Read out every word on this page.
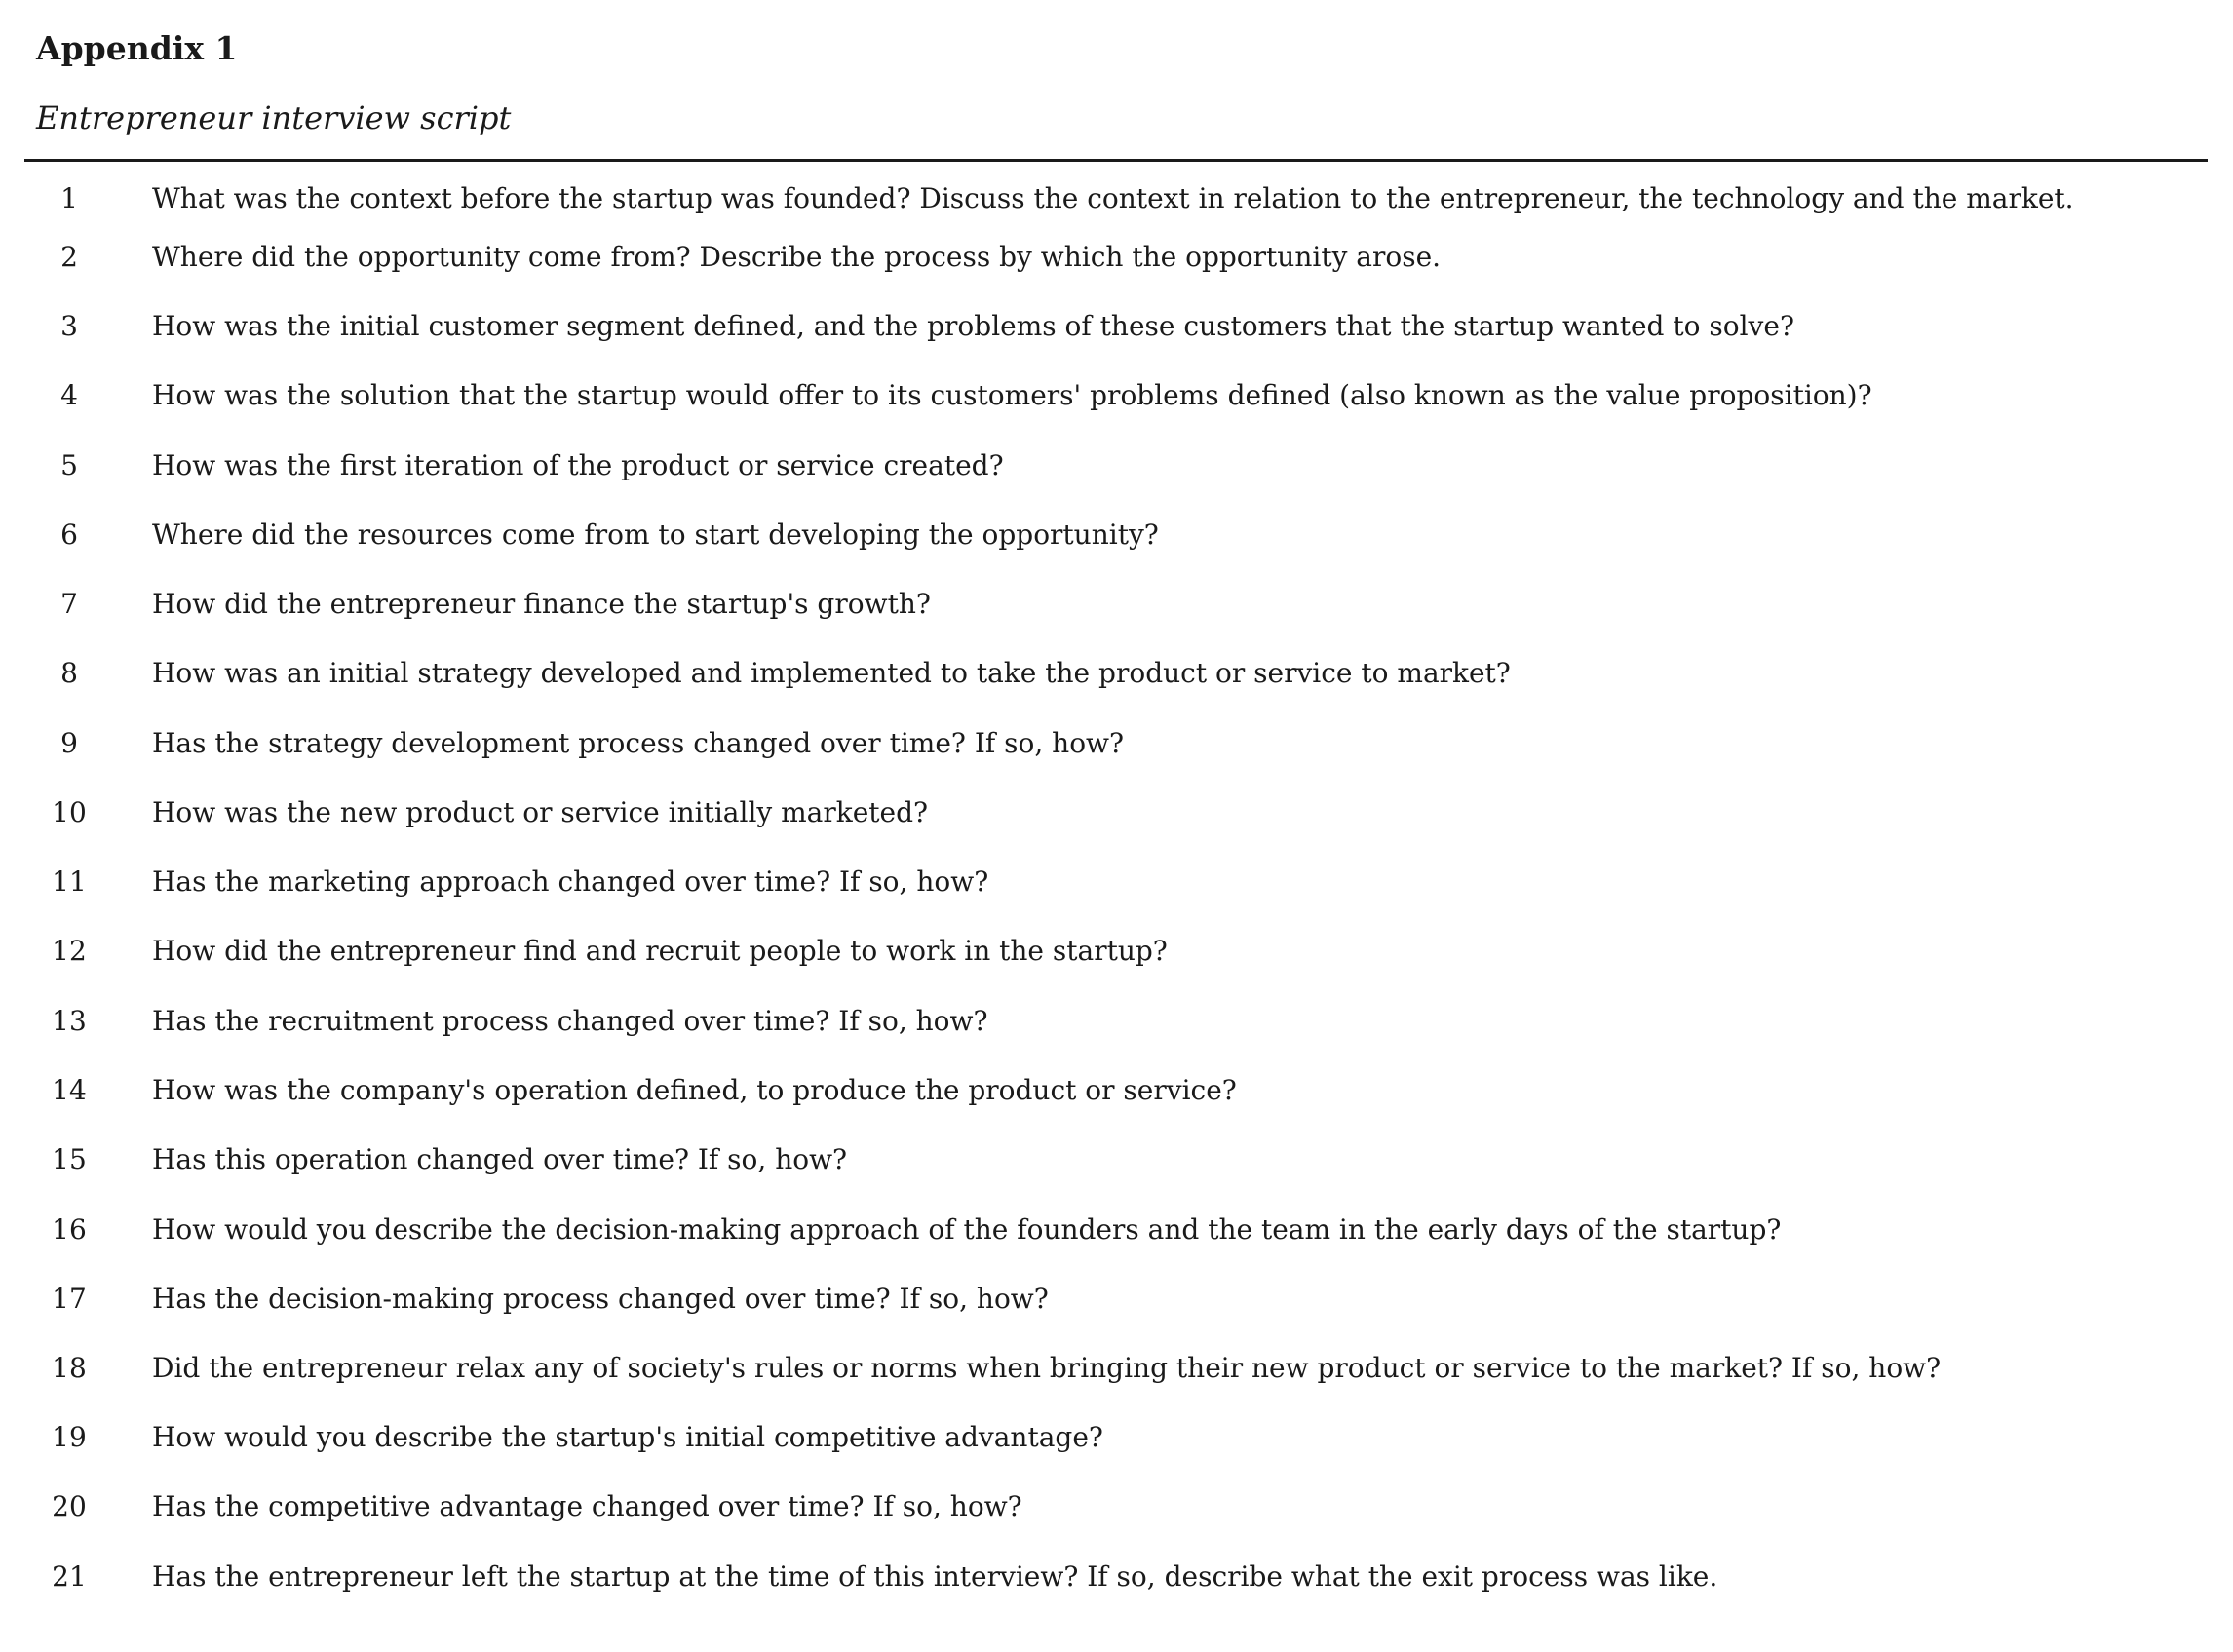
Appendix 1
Entrepreneur interview script
1	What was the context before the startup was founded? Discuss the context in relation to the entrepreneur, the technology and the market.
2	Where did the opportunity come from? Describe the process by which the opportunity arose.
3	How was the initial customer segment defined, and the problems of these customers that the startup wanted to solve?
4	How was the solution that the startup would offer to its customers' problems defined (also known as the value proposition)?
5	How was the first iteration of the product or service created?
6	Where did the resources come from to start developing the opportunity?
7	How did the entrepreneur finance the startup's growth?
8	How was an initial strategy developed and implemented to take the product or service to market?
9	Has the strategy development process changed over time? If so, how?
10	How was the new product or service initially marketed?
11	Has the marketing approach changed over time? If so, how?
12	How did the entrepreneur find and recruit people to work in the startup?
13	Has the recruitment process changed over time? If so, how?
14	How was the company's operation defined, to produce the product or service?
15	Has this operation changed over time? If so, how?
16	How would you describe the decision-making approach of the founders and the team in the early days of the startup?
17	Has the decision-making process changed over time? If so, how?
18	Did the entrepreneur relax any of society's rules or norms when bringing their new product or service to the market? If so, how?
19	How would you describe the startup's initial competitive advantage?
20	Has the competitive advantage changed over time? If so, how?
21	Has the entrepreneur left the startup at the time of this interview? If so, describe what the exit process was like.
